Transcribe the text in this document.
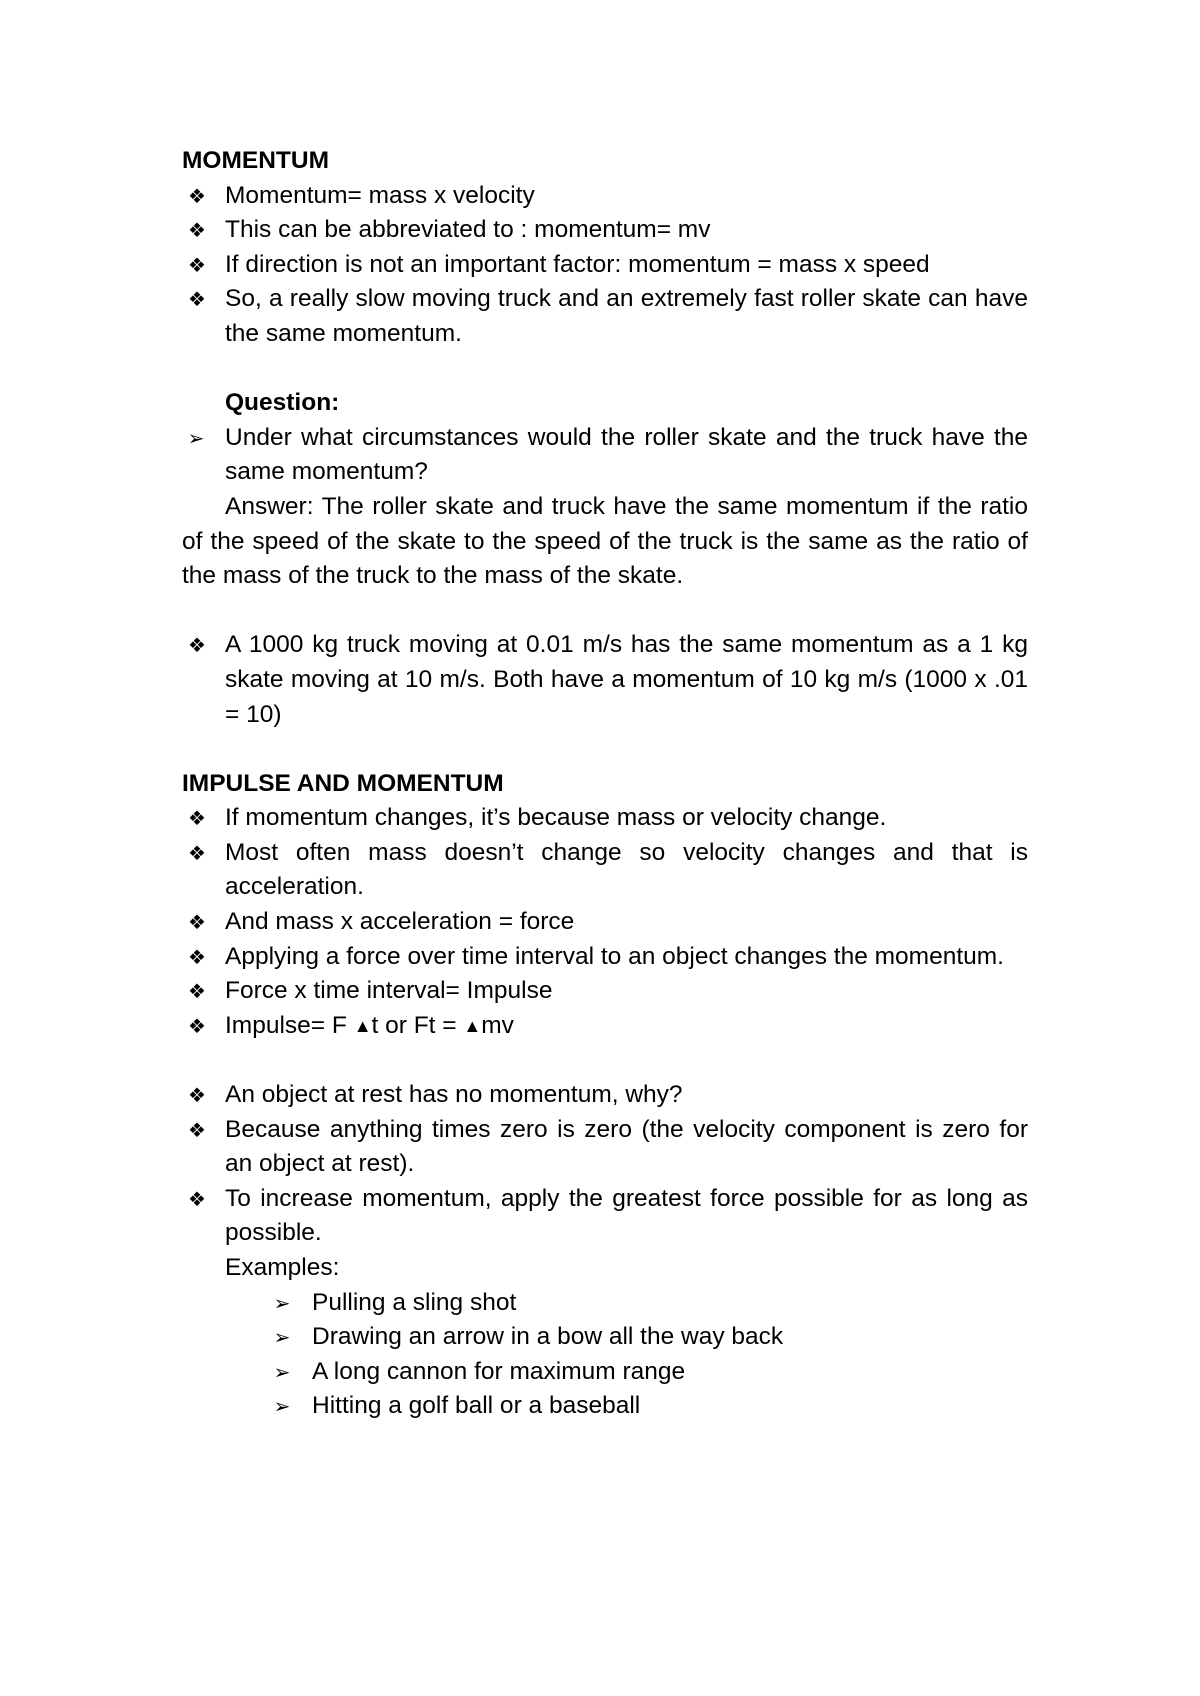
MOMENTUM
❖ Momentum= mass x velocity
❖ This can be abbreviated to : momentum= mv
❖ If direction is not an important factor: momentum = mass x speed
❖ So, a really slow moving truck and an extremely fast roller skate can have the same momentum.
Question:
➢ Under what circumstances would the roller skate and the truck have the same momentum?
Answer: The roller skate and truck have the same momentum if the ratio of the speed of the skate to the speed of the truck is the same as the ratio of the mass of the truck to the mass of the skate.
❖ A 1000 kg truck moving at 0.01 m/s has the same momentum as a 1 kg skate moving at 10 m/s. Both have a momentum of 10 kg m/s (1000 x .01 = 10)
IMPULSE AND MOMENTUM
❖ If momentum changes, it’s because mass or velocity change.
❖ Most often mass doesn’t change so velocity changes and that is acceleration.
❖ And mass x acceleration = force
❖ Applying a force over time interval to an object changes the momentum.
❖ Force x time interval= Impulse
❖ Impulse= F ▲t or Ft = ▲mv
❖ An object at rest has no momentum, why?
❖ Because anything times zero is zero (the velocity component is zero for an object at rest).
❖ To increase momentum, apply the greatest force possible for as long as possible.
Examples:
➢ Pulling a sling shot
➢ Drawing an arrow in a bow all the way back
➢ A long cannon for maximum range
➢ Hitting a golf ball or a baseball
